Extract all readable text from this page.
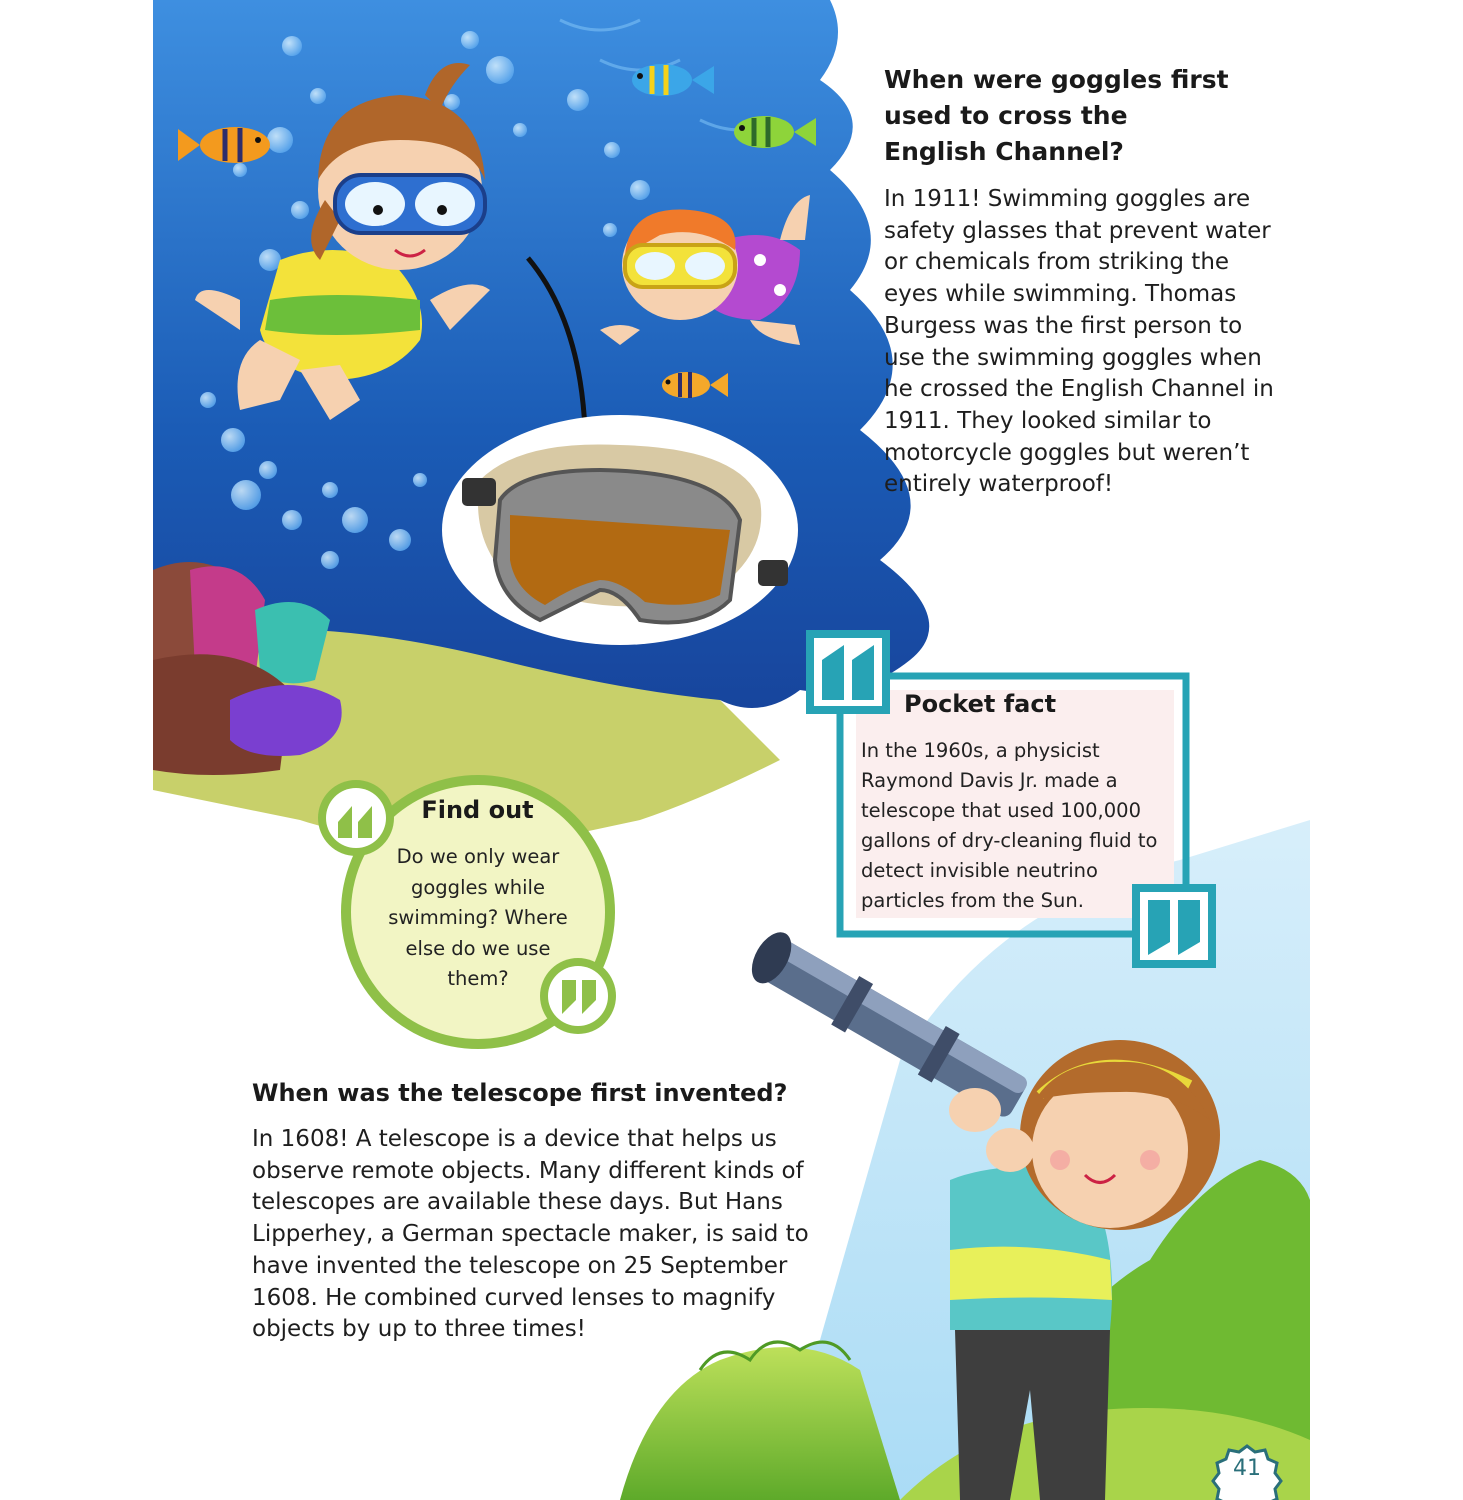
When were goggles first used to cross the English Channel?

In 1911! Swimming goggles are safety glasses that prevent water or chemicals from striking the eyes while swimming. Thomas Burgess was the first person to use the swimming goggles when he crossed the English Channel in 1911. They looked similar to motorcycle goggles but weren’t entirely waterproof!

Pocket fact

In the 1960s, a physicist Raymond Davis Jr. made a telescope that used 100,000 gallons of dry-cleaning fluid to detect invisible neutrino particles from the Sun.

Find out

Do we only wear goggles while swimming? Where else do we use them?

When was the telescope first invented?

In 1608! A telescope is a device that helps us observe remote objects. Many different kinds of telescopes are available these days. But Hans Lipperhey, a German spectacle maker, is said to have invented the telescope on 25 September 1608. He combined curved lenses to magnify objects by up to three times!

41
